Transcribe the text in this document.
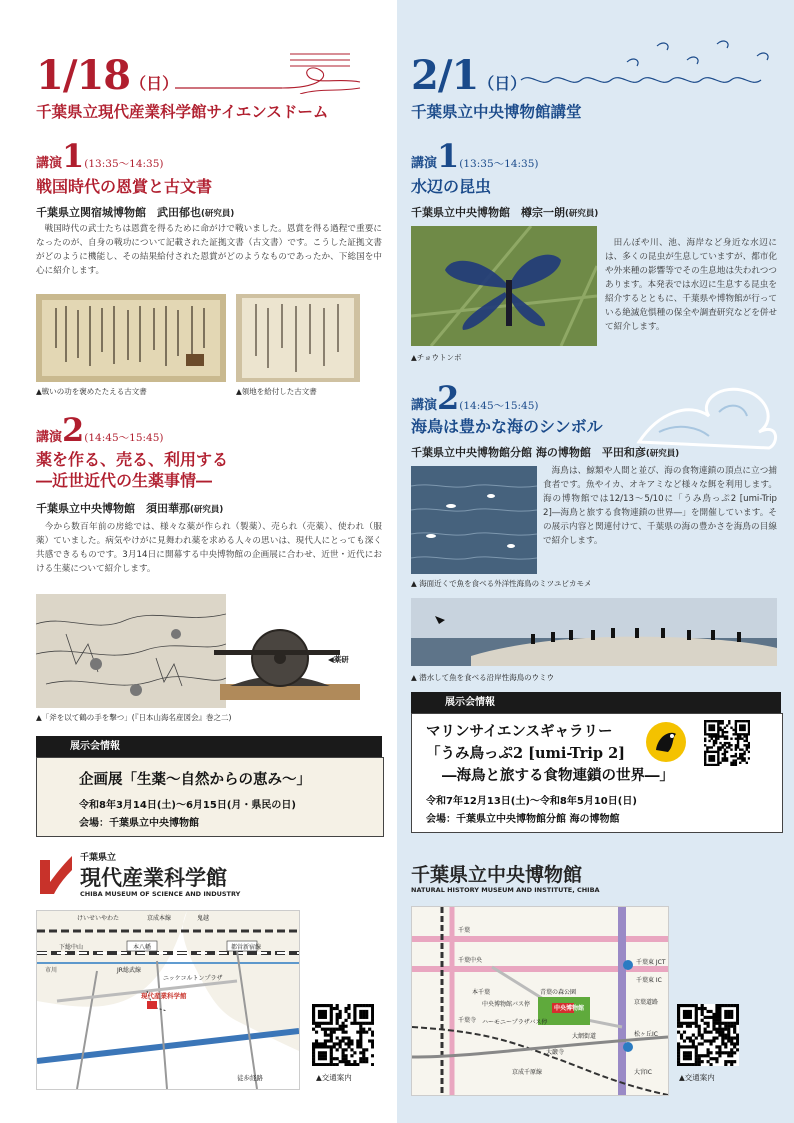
1/18（日）
千葉県立現代産業科学館サイエンスドーム
講演1(13:35～14:35)
戦国時代の恩賞と古文書
千葉県立関宿城博物館　武田郁也(研究員)
戦国時代の武士たちは恩賞を得るために命がけで戦いました。恩賞を得る過程で重要になったのが、自身の戦功について記載された証拠文書（古文書）です。こうした証拠文書がどのように機能し、その結果給付された恩賞がどのようなものであったか、下総国を中心に紹介します。
▲戦いの功を褒めたたえる古文書	▲領地を給付した古文書
講演2(14:45～15:45)
薬を作る、売る、利用する
―近世近代の生薬事情―
千葉県立中央博物館　須田華那(研究員)
今から数百年前の房総では、様々な薬が作られ（製薬）、売られ（売薬）、使われ（服薬）ていました。病気やけがに見舞われ薬を求める人々の思いは、現代人にとっても深く共感できるものです。3月14日に開幕する中央博物館の企画展に合わせ、近世・近代における生薬について紹介します。
◀薬研
▲「斧を以て鶴の手を撃つ」(『日本山海名産図会』巻之二)
展示会情報
企画展「生薬～自然からの恵み～」
令和8年3月14日(土)～6月15日(月・県民の日)
会場：千葉県立中央博物館
千葉県立
現代産業科学館
CHIBA MUSEUM OF SCIENCE AND INDUSTRY
けいせいやわた	京成本線	鬼越
本八幡
JR総武線
都営新宿線
下総中山
市川
ニッケコルトンプラザ
現代産業科学館
徒歩経路	▲交通案内
2/1（日）
千葉県立中央博物館講堂
講演1(13:35～14:35)
水辺の昆虫
千葉県立中央博物館　樽宗一朗(研究員)
▲チョウトンボ
田んぼや川、池、海岸など身近な水辺には、多くの昆虫が生息していますが、都市化や外来種の影響等でその生息地は失われつつあります。本発表では水辺に生息する昆虫を紹介するとともに、千葉県や博物館が行っている絶滅危惧種の保全や調査研究などを併せて紹介します。
講演2(14:45～15:45)
海鳥は豊かな海のシンボル
千葉県立中央博物館分館 海の博物館　平田和彦(研究員)
海鳥は、鯨類や人間と並び、海の食物連鎖の頂点に立つ捕食者です。魚やイカ、オキアミなど様々な餌を利用します。海の博物館では12/13～5/10に「うみ鳥っぷ2 [umi-Trip 2]―海鳥と旅する食物連鎖の世界―」を開催しています。その展示内容と関連付けて、千葉県の海の豊かさを海鳥の目線で紹介します。
▲ 海面近くで魚を食べる外洋性海鳥のミツユビカモメ
▲ 潜水して魚を食べる沿岸性海鳥のウミウ
展示会情報
マリンサイエンスギャラリー
「うみ鳥っぷ2 [umi-Trip 2]
―海鳥と旅する食物連鎖の世界―」
令和7年12月13日(土)～令和8年5月10日(日)
会場：千葉県立中央博物館分館 海の博物館
千葉県立中央博物館
NATURAL HISTORY MUSEUM AND INSTITUTE, CHIBA
千葉
千葉寺
本千葉
千葉中央
大巌寺
青葉の森公園
中央博物館バス停
ハーモニープラザバス停
京成千原線
千葉東 JCT
千葉東 IC
松ヶ丘IC
大宮IC
京葉道路
大網街道
中央博物館
▲交通案内
